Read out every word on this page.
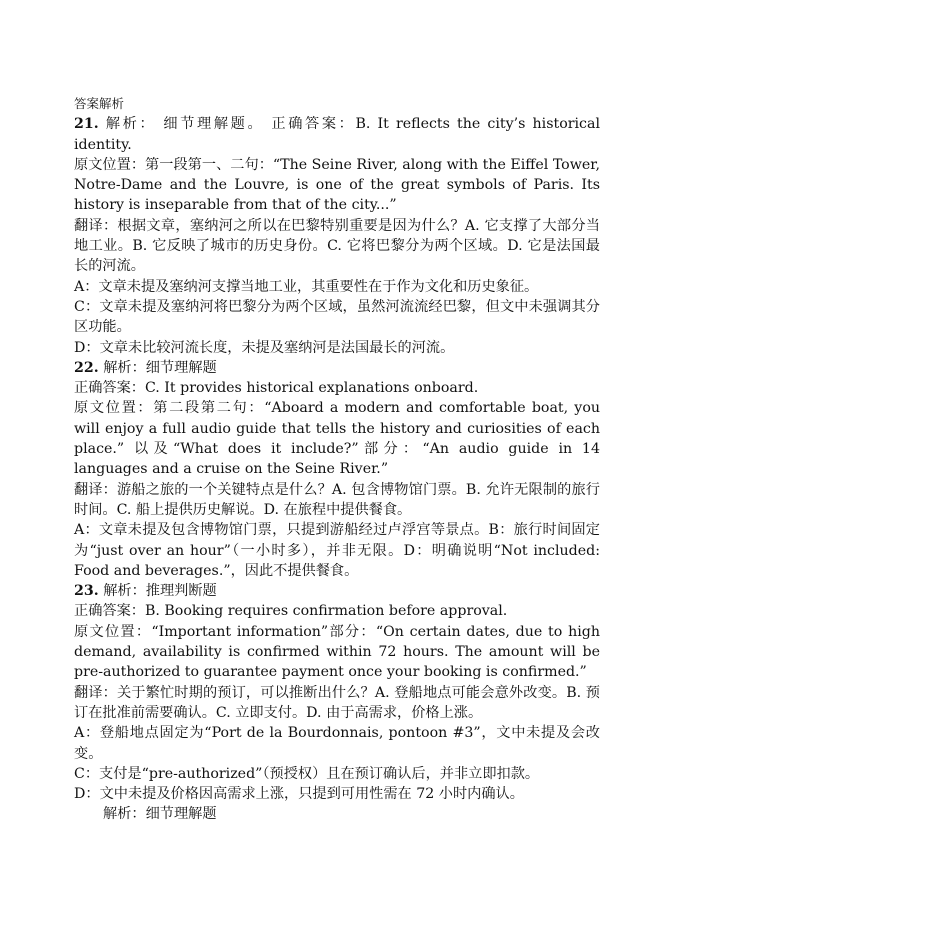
答案解析

21. 解析： 细节理解题。 正确答案：B. It reflects the city’s historical identity.

原文位置：第一段第一、二句：“The Seine River, along with the Eiffel Tower, Notre-Dame and the Louvre, is one of the great symbols of Paris. Its history is inseparable from that of the city...”

翻译：根据文章，塞纳河之所以在巴黎特别重要是因为什么？A. 它支撑了大部分当地工业。B. 它反映了城市的历史身份。C. 它将巴黎分为两个区域。D. 它是法国最长的河流。

A：文章未提及塞纳河支撑当地工业，其重要性在于作为文化和历史象征。

C：文章未提及塞纳河将巴黎分为两个区域，虽然河流流经巴黎，但文中未强调其分区功能。

D：文章未比较河流长度，未提及塞纳河是法国最长的河流。

22. 解析：细节理解题

正确答案：C. It provides historical explanations onboard.

原文位置：第二段第二句：“Aboard a modern and comfortable boat, you will enjoy a full audio guide that tells the history and curiosities of each place.” 以及“What does it include?”部分：“An audio guide in 14 languages and a cruise on the Seine River.”

翻译：游船之旅的一个关键特点是什么？A. 包含博物馆门票。B. 允许无限制的旅行时间。C. 船上提供历史解说。D. 在旅程中提供餐食。

A：文章未提及包含博物馆门票，只提到游船经过卢浮宫等景点。B：旅行时间固定为“just over an hour”（一小时多），并非无限。D：明确说明“Not included: Food and beverages.”，因此不提供餐食。

23. 解析：推理判断题

正确答案：B. Booking requires confirmation before approval.

原文位置：“Important information”部分：“On certain dates, due to high demand, availability is confirmed within 72 hours. The amount will be pre-authorized to guarantee payment once your booking is confirmed.”

翻译：关于繁忙时期的预订，可以推断出什么？A. 登船地点可能会意外改变。B. 预订在批准前需要确认。C. 立即支付。D. 由于高需求，价格上涨。

A：登船地点固定为“Port de la Bourdonnais, pontoon #3”，文中未提及会改变。

C：支付是“pre-authorized”（预授权）且在预订确认后，并非立即扣款。

D：文中未提及价格因高需求上涨，只提到可用性需在 72 小时内确认。

解析：细节理解题
